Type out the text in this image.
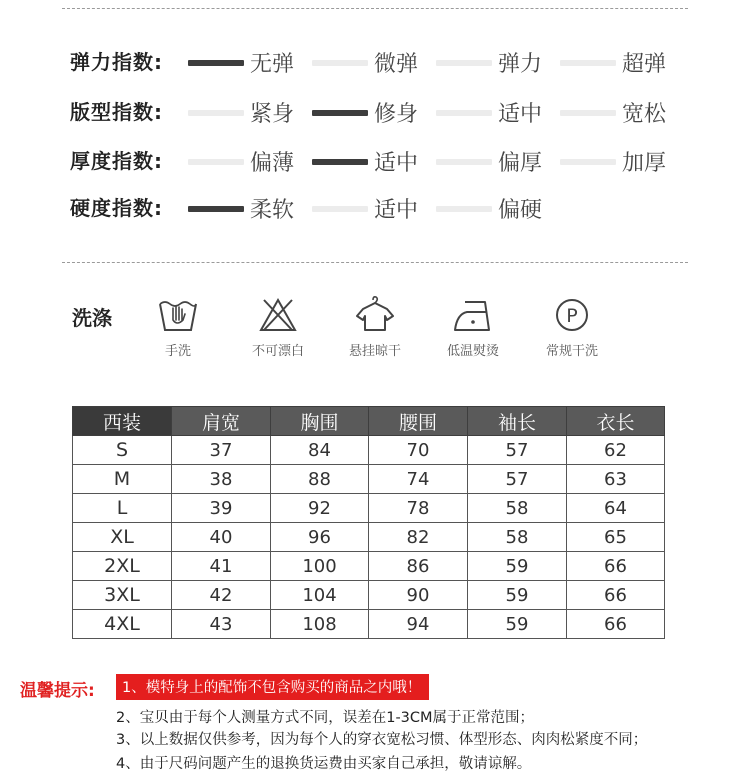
弹力指数:	无弹	微弹	弹力	超弹
版型指数:	紧身	修身	适中	宽松
厚度指数:	偏薄	适中	偏厚	加厚
硬度指数:	柔软	适中	偏硬
洗涤
手洗	不可漂白	悬挂晾干	低温熨烫
P
常规干洗
西装	肩宽	胸围	腰围	袖长	衣长
S	37	84	70	57	62
M	38	88	74	57	63
L	39	92	78	58	64
XL	40	96	82	58	65
2XL	41	100	86	59	66
3XL	42	104	90	59	66
4XL	43	108	94	59	66
温馨提示:	1、模特身上的配饰不包含购买的商品之内哦！
2、宝贝由于每个人测量方式不同，误差在1-3CM属于正常范围；
3、以上数据仅供参考，因为每个人的穿衣宽松习惯、体型形态、肉肉松紧度不同；
4、由于尺码问题产生的退换货运费由买家自己承担，敬请谅解。
